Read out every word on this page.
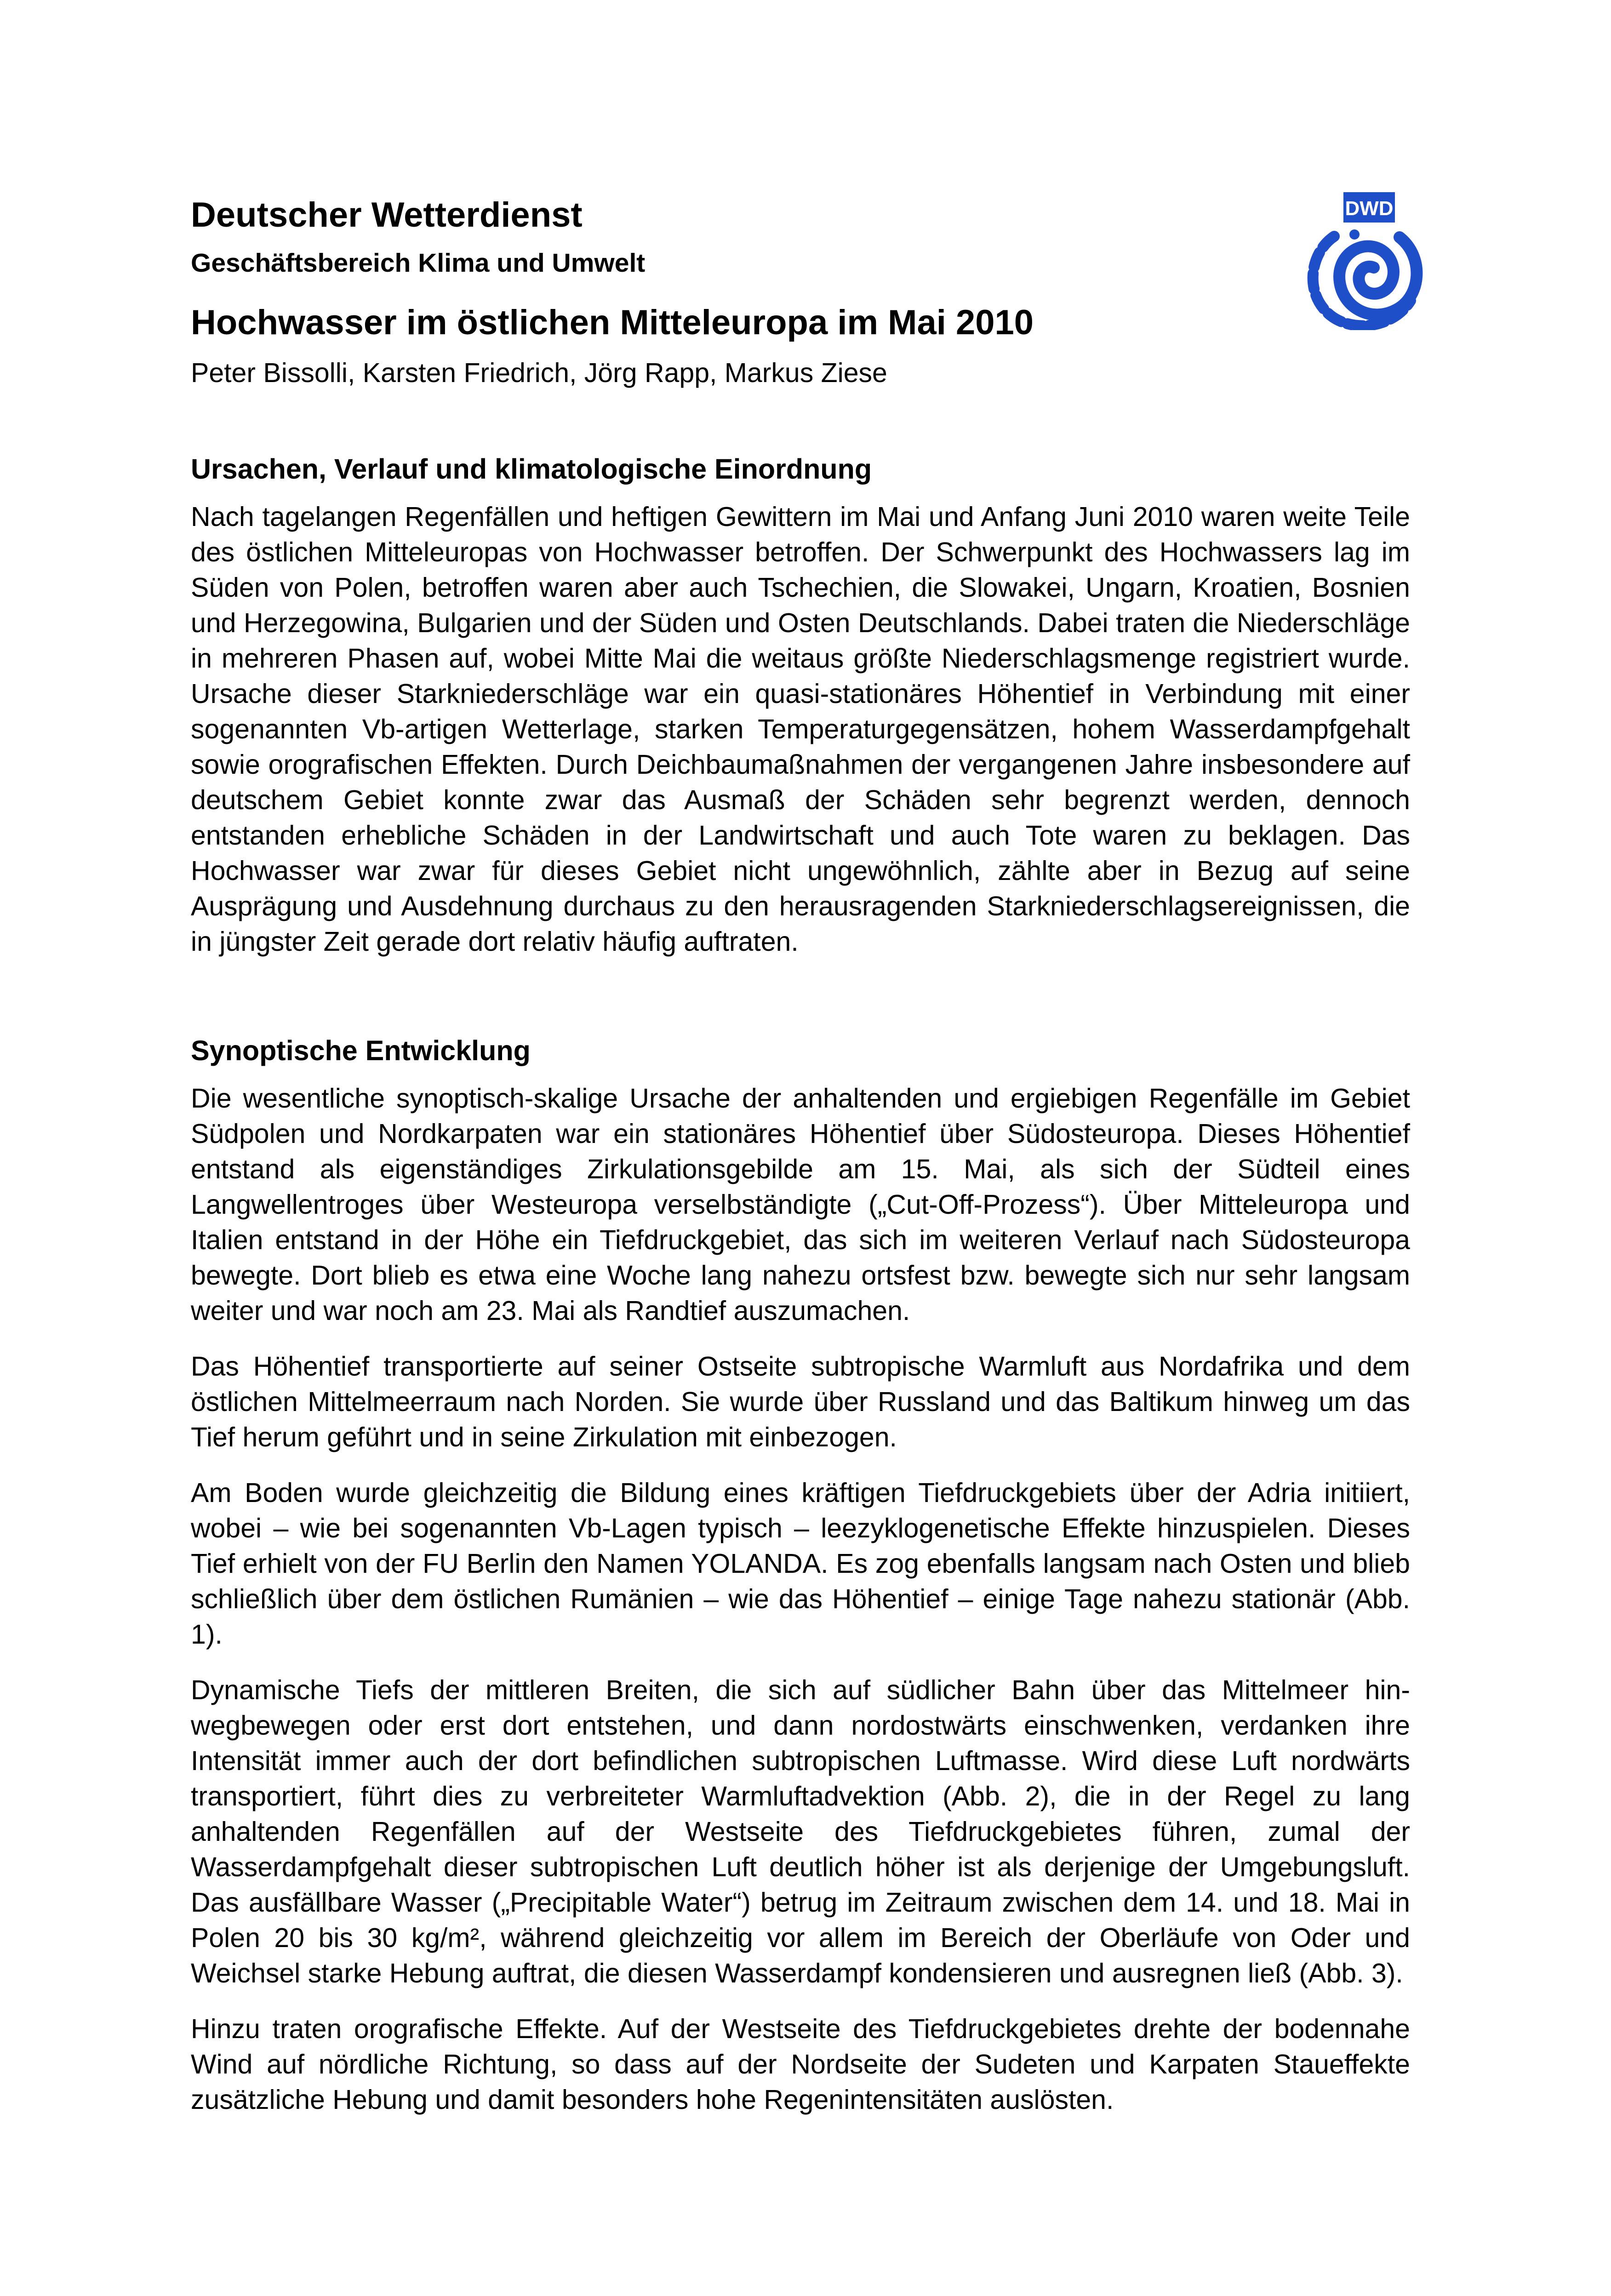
Deutscher Wetterdienst
Geschäftsbereich Klima und Umwelt
Hochwasser im östlichen Mitteleuropa im Mai 2010
Peter Bissolli, Karsten Friedrich, Jörg Rapp, Markus Ziese
DWD
Ursachen, Verlauf und klimatologische Einordnung

Nach tagelangen Regenfällen und heftigen Gewittern im Mai und Anfang Juni 2010 waren weite Teile des östlichen Mitteleuropas von Hochwasser betroffen. Der Schwerpunkt des Hochwassers lag im Süden von Polen, betroffen waren aber auch Tschechien, die Slowakei, Ungarn, Kroatien, Bosnien und Herzegowina, Bulgarien und der Süden und Osten Deutschlands. Dabei traten die Niederschläge in mehreren Phasen auf, wobei Mitte Mai die weitaus größte Niederschlagsmenge registriert wurde. Ursache dieser Starkniederschläge war ein quasi-stationäres Höhentief in Verbindung mit einer sogenannten Vb-artigen Wetterlage, starken Temperaturgegensätzen, hohem Wasserdampfgehalt sowie orografischen Effekten. Durch Deichbaumaßnahmen der vergangenen Jahre insbesondere auf deutschem Gebiet konnte zwar das Ausmaß der Schäden sehr begrenzt werden, dennoch entstanden erhebliche Schäden in der Landwirtschaft und auch Tote waren zu beklagen. Das Hochwasser war zwar für dieses Gebiet nicht ungewöhnlich, zählte aber in Bezug auf seine Ausprägung und Ausdehnung durchaus zu den herausragenden Starkniederschlagsereignissen, die in jüngster Zeit gerade dort relativ häufig auftraten.

Synoptische Entwicklung

Die wesentliche synoptisch-skalige Ursache der anhaltenden und ergiebigen Regenfälle im Gebiet Südpolen und Nordkarpaten war ein stationäres Höhentief über Südosteuropa. Dieses Höhentief entstand als eigenständiges Zirkulationsgebilde am 15. Mai, als sich der Südteil eines Langwellentroges über Westeuropa verselbständigte („Cut-Off-Prozess“). Über Mitteleuropa und Italien entstand in der Höhe ein Tiefdruckgebiet, das sich im weiteren Verlauf nach Südosteuropa bewegte. Dort blieb es etwa eine Woche lang nahezu ortsfest bzw. bewegte sich nur sehr langsam weiter und war noch am 23. Mai als Randtief auszumachen.

Das Höhentief transportierte auf seiner Ostseite subtropische Warmluft aus Nordafrika und dem östlichen Mittelmeerraum nach Norden. Sie wurde über Russland und das Baltikum hinweg um das Tief herum geführt und in seine Zirkulation mit einbezogen.

Am Boden wurde gleichzeitig die Bildung eines kräftigen Tiefdruckgebiets über der Adria initiiert, wobei – wie bei sogenannten Vb-Lagen typisch – leezyklogenetische Effekte hinzuspielen. Dieses Tief erhielt von der FU Berlin den Namen YOLANDA. Es zog ebenfalls langsam nach Osten und blieb schließlich über dem östlichen Rumänien – wie das Höhentief – einige Tage nahezu stationär (Abb. 1).

Dynamische Tiefs der mittleren Breiten, die sich auf südlicher Bahn über das Mittelmeer hinwegbewegen oder erst dort entstehen, und dann nordostwärts einschwenken, verdanken ihre Intensität immer auch der dort befindlichen subtropischen Luftmasse. Wird diese Luft nordwärts transportiert, führt dies zu verbreiteter Warmluftadvektion (Abb. 2), die in der Regel zu lang anhaltenden Regenfällen auf der Westseite des Tiefdruckgebietes führen, zumal der Wasserdampfgehalt dieser subtropischen Luft deutlich höher ist als derjenige der Umgebungsluft. Das ausfällbare Wasser („Precipitable Water“) betrug im Zeitraum zwischen dem 14. und 18. Mai in Polen 20 bis 30 kg/m², während gleichzeitig vor allem im Bereich der Oberläufe von Oder und Weichsel starke Hebung auftrat, die diesen Wasserdampf kondensieren und ausregnen ließ (Abb. 3).

Hinzu traten orografische Effekte. Auf der Westseite des Tiefdruckgebietes drehte der bodennahe Wind auf nördliche Richtung, so dass auf der Nordseite der Sudeten und Karpaten Staueffekte zusätzliche Hebung und damit besonders hohe Regenintensitäten auslösten.
